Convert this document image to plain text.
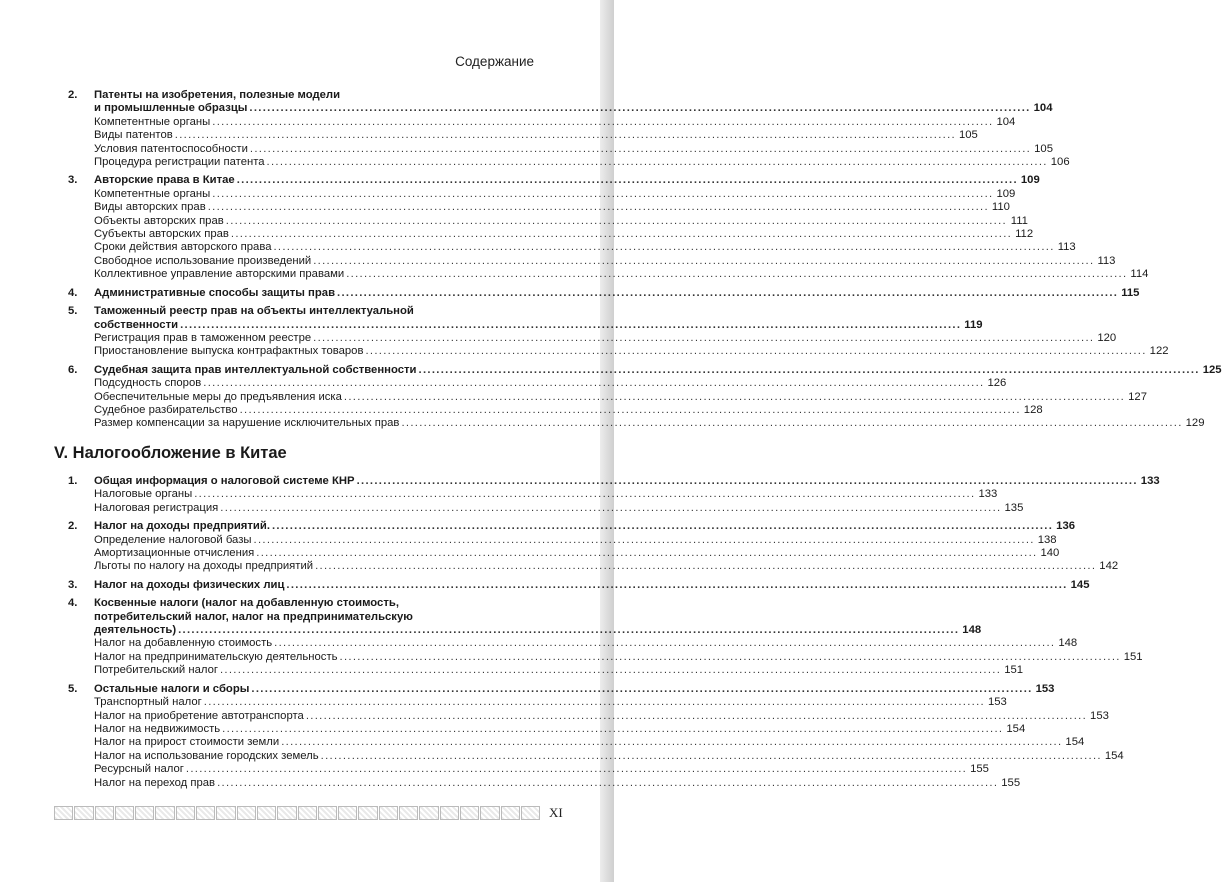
Содержание
2.	Патенты на изобретения, полезные модели
и промышленные образцы .....	104
Компетентные органы .....	104
Виды патентов .....	105
Условия патентоспособности .....	105
Процедура регистрации патента .....	106
3.	Авторские права в Китае .....	109
Компетентные органы .....	109
Виды авторских прав .....	110
Объекты авторских прав .....	111
Субъекты авторских прав .....	112
Сроки действия авторского права .....	113
Свободное использование произведений .....	113
Коллективное управление авторскими правами .....	114
4.	Административные способы защиты прав .....	115
5.	Таможенный реестр прав на объекты интеллектуальной
собственности .....	119
Регистрация прав в таможенном реестре .....	120
Приостановление выпуска контрафактных товаров .....	122
6.	Судебная защита прав интеллектуальной собственности .....	125
Подсудность споров .....	126
Обеспечительные меры до предъявления иска .....	127
Судебное разбирательство .....	128
Размер компенсации за нарушение исключительных прав .....	129
V. Налогообложение в Китае
1.	Общая информация о налоговой системе КНР .....	133
Налоговые органы .....	133
Налоговая регистрация .....	135
2.	Налог на доходы предприятий. .....	136
Определение налоговой базы .....	138
Амортизационные отчисления .....	140
Льготы по налогу на доходы предприятий .....	142
3.	Налог на доходы физических лиц .....	145
4.	Косвенные налоги (налог на добавленную стоимость,
потребительский налог, налог на предпринимательскую
деятельность) .....	148
Налог на добавленную стоимость .....	148
Налог на предпринимательскую деятельность .....	151
Потребительский налог .....	151
5.	Остальные налоги и сборы .....	153
Транспортный налог .....	153
Налог на приобретение автотранспорта .....	153
Налог на недвижимость .....	154
Налог на прирост стоимости земли .....	154
Налог на использование городских земель .....	154
Ресурсный налог .....	155
Налог на переход прав .....	155
XI
